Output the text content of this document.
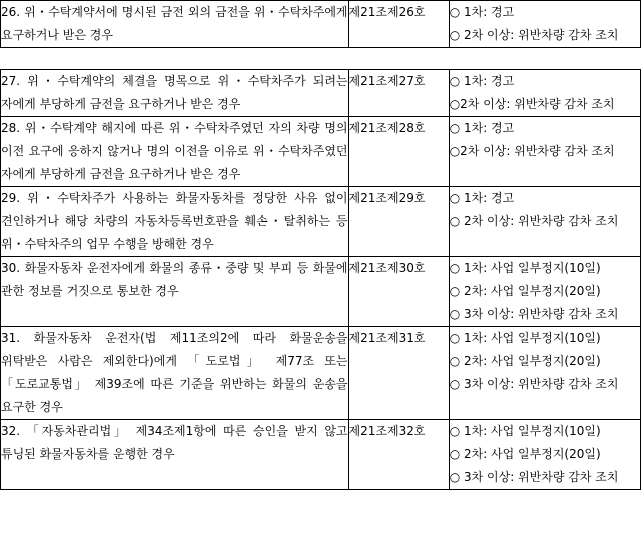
26. 위・수탁계약서에 명시된 금전 외의 금전을 위・수탁차주에게 요구하거나 받은 경우	제21조제26호	○ 1차: 경고
○ 2차 이상: 위반차량 감차 조치
27. 위・수탁계약의 체결을 명목으로 위・수탁차주가 되려는 자에게 부당하게 금전을 요구하거나 받은 경우	제21조제27호	○ 1차: 경고
○2차 이상: 위반차량 감차 조치

28. 위・수탁계약 해지에 따른 위・수탁차주였던 자의 차량 명의 이전 요구에 응하지 않거나 명의 이전을 이유로 위・수탁차주였던 자에게 부당하게 금전을 요구하거나 받은 경우	제21조제28호	○ 1차: 경고
○2차 이상: 위반차량 감차 조치

29. 위・수탁차주가 사용하는 화물자동차를 정당한 사유 없이 견인하거나 해당 차량의 자동차등록번호판을 훼손・탈취하는 등 위・수탁차주의 업무 수행을 방해한 경우	제21조제29호	○ 1차: 경고
○ 2차 이상: 위반차량 감차 조치

30. 화물자동차 운전자에게 화물의 종류・중량 및 부피 등 화물에 관한 정보를 거짓으로 통보한 경우	제21조제30호	○ 1차: 사업 일부정지(10일)
○ 2차: 사업 일부정지(20일)
○ 3차 이상: 위반차량 감차 조치

31. 화물자동차 운전자(법 제11조의2에 따라 화물운송을 위탁받은 사람은 제외한다)에게 「도로법」 제77조 또는 「도로교통법」 제39조에 따른 기준을 위반하는 화물의 운송을 요구한 경우	제21조제31호	○ 1차: 사업 일부정지(10일)
○ 2차: 사업 일부정지(20일)
○ 3차 이상: 위반차량 감차 조치

32. 「자동차관리법」 제34조제1항에 따른 승인을 받지 않고 튜닝된 화물자동차를 운행한 경우	제21조제32호	○ 1차: 사업 일부정지(10일)
○ 2차: 사업 일부정지(20일)
○ 3차 이상: 위반차량 감차 조치
